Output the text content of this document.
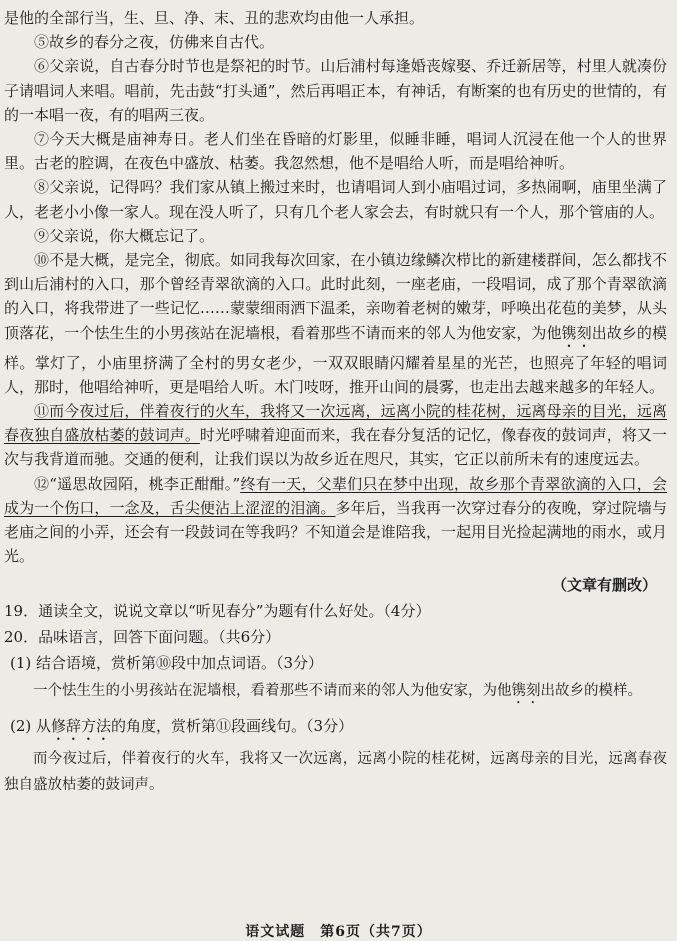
是他的全部行当，生、旦、净、末、丑的悲欢均由他一人承担。

⑤故乡的春分之夜，仿佛来自古代。

⑥父亲说，自古春分时节也是祭祀的时节。山后浦村每逢婚丧嫁娶、乔迁新居等，村里人就凑份子请唱词人来唱。唱前，先击鼓“打头通”，然后再唱正本，有神话，有断案的也有历史的世情的，有的一本唱一夜，有的唱两三夜。

⑦今天大概是庙神寿日。老人们坐在昏暗的灯影里，似睡非睡，唱词人沉浸在他一个人的世界里。古老的腔调，在夜色中盛放、枯萎。我忽然想，他不是唱给人听，而是唱给神听。

⑧父亲说，记得吗？我们家从镇上搬过来时，也请唱词人到小庙唱过词，多热闹啊，庙里坐满了人，老老小小像一家人。现在没人听了，只有几个老人家会去，有时就只有一个人，那个管庙的人。

⑨父亲说，你大概忘记了。

⑩不是大概，是完全，彻底。如同我每次回家，在小镇边缘鳞次栉比的新建楼群间，怎么都找不到山后浦村的入口，那个曾经青翠欲滴的入口。此时此刻，一座老庙，一段唱词，成了那个青翠欲滴的入口，将我带进了一些记忆……蒙蒙细雨洒下温柔，亲吻着老树的嫩芽，呼唤出花苞的美梦，从头顶落花，一个怯生生的小男孩站在泥墙根，看着那些不请而来的邻人为他安家，为他镌刻出故乡的模样。掌灯了，小庙里挤满了全村的男女老少，一双双眼睛闪耀着星星的光芒，也照亮了年轻的唱词人，那时，他唱给神听，更是唱给人听。木门吱呀，推开山间的晨雾，也走出去越来越多的年轻人。

⑪而今夜过后，伴着夜行的火车，我将又一次远离，远离小院的桂花树，远离母亲的目光，远离春夜独自盛放枯萎的鼓词声。时光呼啸着迎面而来，我在春分复活的记忆，像春夜的鼓词声，将又一次与我背道而驰。交通的便利，让我们误以为故乡近在咫尺，其实，它正以前所未有的速度远去。

⑫“遥思故园陌，桃李正酣酣。”终有一天，父辈们只在梦中出现，故乡那个青翠欲滴的入口，会成为一个伤口，一念及，舌尖便沾上涩涩的泪滴。多年后，当我再一次穿过春分的夜晚，穿过院墙与老庙之间的小弄，还会有一段鼓词在等我吗？不知道会是谁陪我，一起用目光捡起满地的雨水，或月光。

（文章有删改）

19．通读全文，说说文章以“听见春分”为题有什么好处。（4分）

20．品味语言，回答下面问题。（共6分）

(1) 结合语境，赏析第⑩段中加点词语。（3分）

一个怯生生的小男孩站在泥墙根，看着那些不请而来的邻人为他安家，为他镌刻出故乡的模样。

(2) 从修辞方法的角度，赏析第⑪段画线句。（3分）

而今夜过后，伴着夜行的火车，我将又一次远离，远离小院的桂花树，远离母亲的目光，远离春夜独自盛放枯萎的鼓词声。

语文试题　第6页（共7页）
